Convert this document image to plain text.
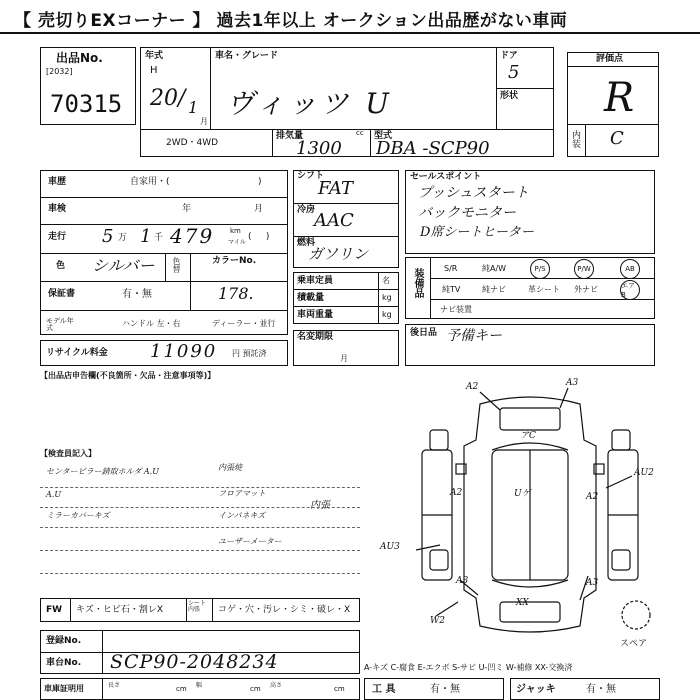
【 売切りEXコーナー 】 過去1年以上 オークション出品歴がない車両
出品No.
[2032]
70315
年式
H
20/ 1
月
車名・グレード
ヴィッツ U
ドア
5
形状
2WD・4WD
排気量	cc
1300
型式
DBA -SCP90
評価点
R
内装 C
車歴	自家用・(	)
車検	年	月
走行 5 万 1 千 479 km
マイル
(     )
色 シルバー 色替	カラーNo.
178.
保証書	有・無
モデル年式	ハンドル 左・右	ディーラー・並行
リサイクル料金 11090 円 預託済
シフト
FAT
冷房
AAC
燃料
ガソリン
乗車定員	名
積載量	kg
車両重量	kg
名変期限
月
セールスポイント
プッシュスタート
バックモニター
D席シートヒーター
装備品	S/R	純A/W	P/S	P/W	AB
純TV	純ナビ	革シート 外ナビ	エアB
ナビ装置
後日品 予備キー
【出品店申告欄(不良箇所・欠品・注意事項等)】
【検査員記入】
センターピラー錆取ホルダ A.U
A.U
ミラーカバーキズ
内張焼
フロアマット
インパネキズ
ユーザーメーター
内張
FW キズ・ヒビ石・割レX
シート内張	コゲ・穴・汚レ・シミ・破レ・X
登録No.
車台No. SCP90-2048234
車庫証明用	長さ	cm 幅	cm 高さ	cm
A-キズ C-腐食 E-エクボ S-サビ U-凹ミ W-補修 XX-交換済
工 具	有・無	ジャッキ	有・無
A2	A3
アC
AU2
Uゲ
A2	A2
AU3
A3	A3
XX
W2
スペア
